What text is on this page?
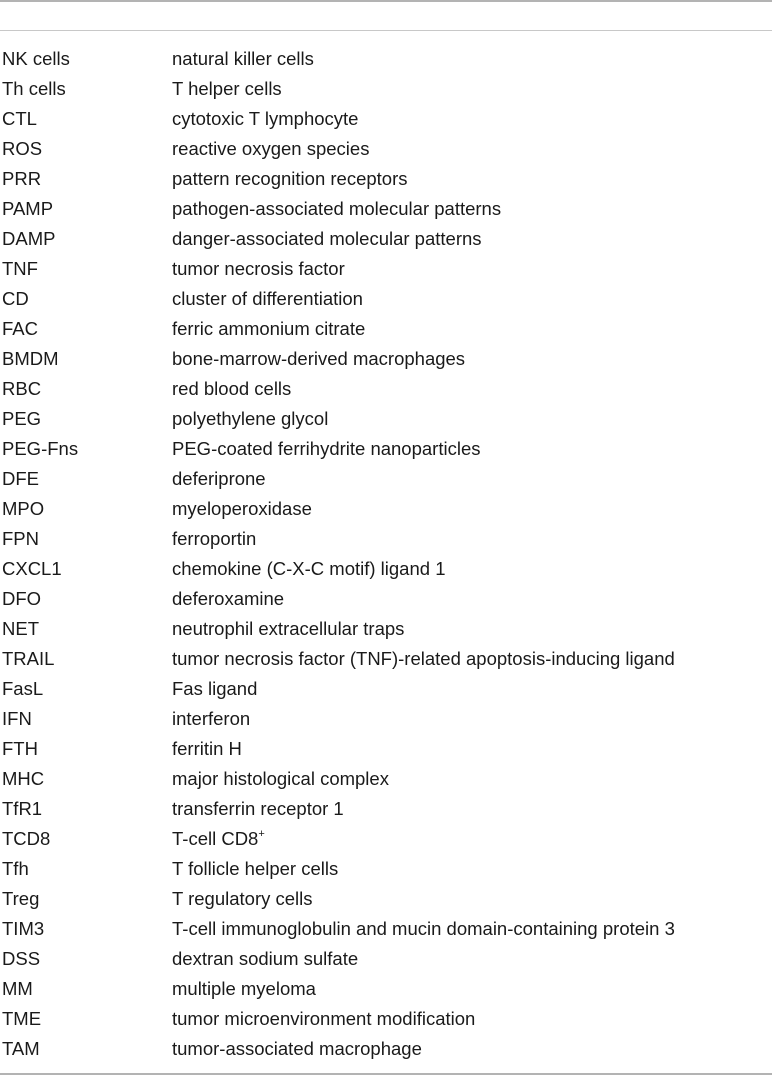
NK cells	natural killer cells
Th cells	T helper cells
CTL	cytotoxic T lymphocyte
ROS	reactive oxygen species
PRR	pattern recognition receptors
PAMP	pathogen-associated molecular patterns
DAMP	danger-associated molecular patterns
TNF	tumor necrosis factor
CD	cluster of differentiation
FAC	ferric ammonium citrate
BMDM	bone-marrow-derived macrophages
RBC	red blood cells
PEG	polyethylene glycol
PEG-Fns	PEG-coated ferrihydrite nanoparticles
DFE	deferiprone
MPO	myeloperoxidase
FPN	ferroportin
CXCL1	chemokine (C-X-C motif) ligand 1
DFO	deferoxamine
NET	neutrophil extracellular traps
TRAIL	tumor necrosis factor (TNF)-related apoptosis-inducing ligand
FasL	Fas ligand
IFN	interferon
FTH	ferritin H
MHC	major histological complex
TfR1	transferrin receptor 1
TCD8	T-cell CD8+
Tfh	T follicle helper cells
Treg	T regulatory cells
TIM3	T-cell immunoglobulin and mucin domain-containing protein 3
DSS	dextran sodium sulfate
MM	multiple myeloma
TME	tumor microenvironment modification
TAM	tumor-associated macrophage
